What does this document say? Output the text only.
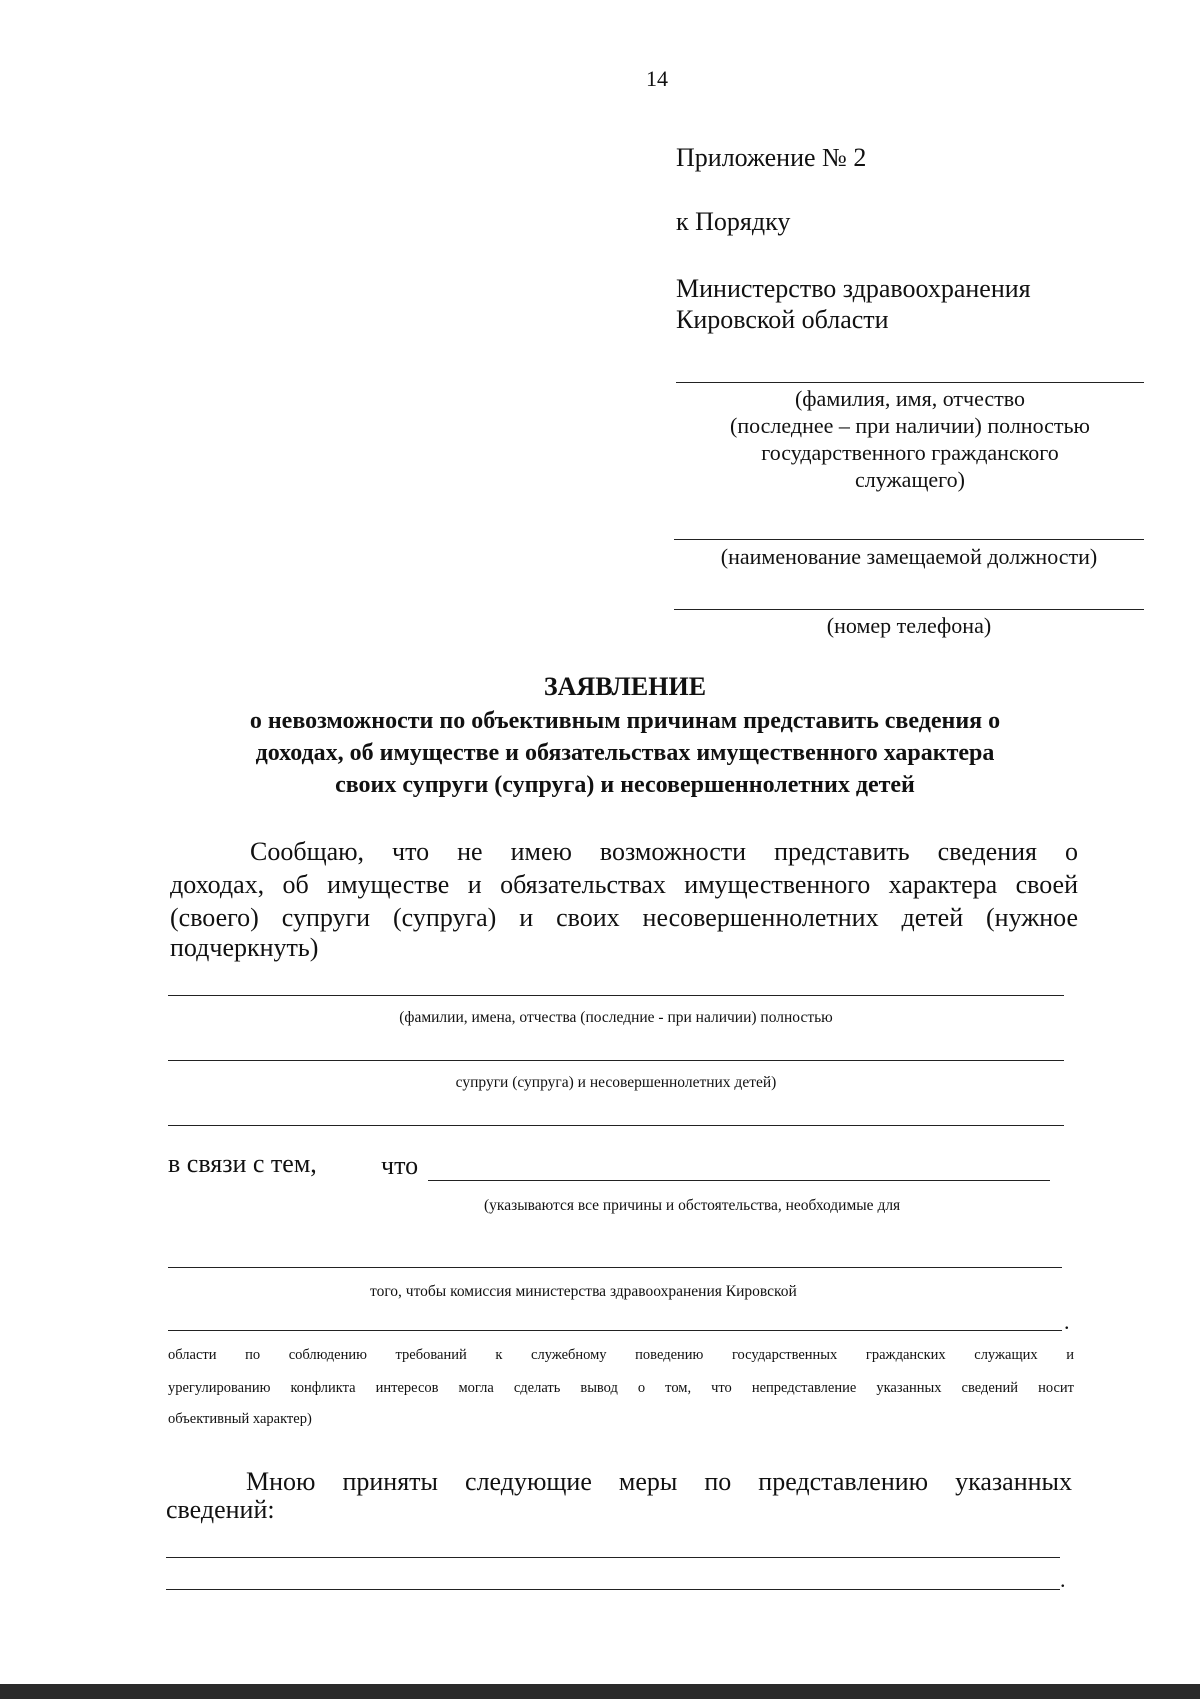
14
Приложение № 2
к Порядку
Министерство здравоохранения
Кировской области
(фамилия, имя, отчество
(последнее – при наличии) полностью
государственного гражданского
служащего)
(наименование замещаемой должности)
(номер телефона)
ЗАЯВЛЕНИЕ
о невозможности по объективным причинам представить сведения о
доходах, об имуществе и обязательствах имущественного характера
своих супруги (супруга) и несовершеннолетних детей
Сообщаю, что не имею возможности представить сведения о
доходах, об имуществе и обязательствах имущественного характера своей
(своего) супруги (супруга) и своих несовершеннолетних детей (нужное
подчеркнуть)
(фамилии, имена, отчества (последние - при наличии) полностью
супруги (супруга) и несовершеннолетних детей)
в связи с тем, что
(указываются все причины и обстоятельства, необходимые для
того, чтобы комиссия министерства здравоохранения Кировской
.
области по соблюдению требований к служебному поведению государственных гражданских служащих и
урегулированию конфликта интересов могла сделать вывод о том, что непредставление указанных сведений носит
объективный характер)
Мною приняты следующие меры по представлению указанных
сведений:
.
